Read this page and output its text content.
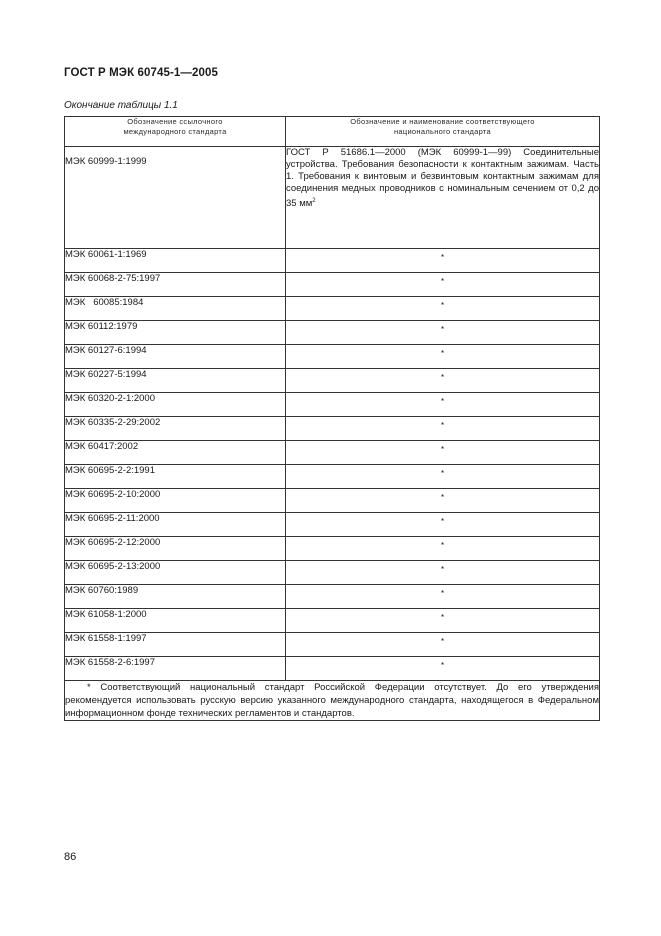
ГОСТ Р МЭК 60745-1—2005
Окончание таблицы 1.1
Обозначение ссылочного международного стандарта	Обозначение и наименование соответствующего национального стандарта

МЭК 60999-1:1999	ГОСТ Р 51686.1—2000 (МЭК 60999-1—99) Соединительные устройства. Требования безопасности к контактным зажимам. Часть 1. Требования к винтовым и безвинтовым контактным зажимам для соединения медных проводников с номинальным сечением от 0,2 до 35 $мм^2$
МЭК 60061-1:1969	*

МЭК 60068-2-75:1997	*

МЭК   60085:1984	*

МЭК 60112:1979	*

МЭК 60127-6:1994	*

МЭК 60227-5:1994	*

МЭК 60320-2-1:2000	*

МЭК 60335-2-29:2002	*

МЭК 60417:2002	*

МЭК 60695-2-2:1991	*

МЭК 60695-2-10:2000	*

МЭК 60695-2-11:2000	*

МЭК 60695-2-12:2000	*

МЭК 60695-2-13:2000	*

МЭК 60760:1989	*

МЭК 61058-1:2000	*

МЭК 61558-1:1997	*

МЭК 61558-2-6:1997	*

* Соответствующий национальный стандарт Российской Федерации отсутствует. До его утверждения рекомендуется использовать русскую версию указанного международного стандарта, находящегося в Федеральном информационном фонде технических регламентов и стандартов.	
86
